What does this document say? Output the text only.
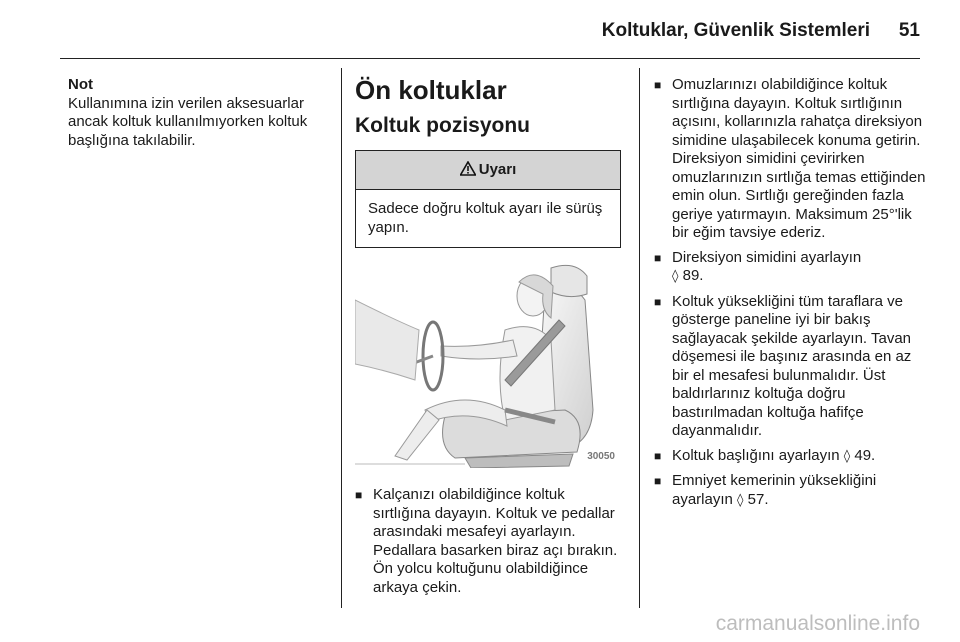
Koltuklar, Güvenlik Sistemleri 51
Not
Kullanımına izin verilen aksesuarlar ancak koltuk kullanılmıyorken koltuk başlığına takılabilir.
Ön koltuklar
Koltuk pozisyonu
Uyarı
Sadece doğru koltuk ayarı ile sürüş yapın.
30050
■ Kalçanızı olabildiğince koltuk sırtlığına dayayın. Koltuk ve pedallar arasındaki mesafeyi ayarlayın. Pedallara basarken biraz açı bırakın. Ön yolcu koltuğunu olabildiğince arkaya çekin.
■ Omuzlarınızı olabildiğince koltuk sırtlığına dayayın. Koltuk sırtlığının açısını, kollarınızla rahatça direksiyon simidine ulaşabilecek konuma getirin. Direksiyon simidini çevirirken omuzlarınızın sırtlığa temas ettiğinden emin olun. Sırtlığı gereğinden fazla geriye yatırmayın. Maksimum 25°'lik bir eğim tavsiye ederiz.
■ Direksiyon simidini ayarlayın
◊ 89.
■ Koltuk yüksekliğini tüm taraflara ve gösterge paneline iyi bir bakış sağlayacak şekilde ayarlayın. Tavan döşemesi ile başınız arasında en az bir el mesafesi bulunmalıdır. Üst baldırlarınız koltuğa doğru bastırılmadan koltuğa hafifçe dayanmalıdır.
■ Koltuk başlığını ayarlayın ◊ 49.
■ Emniyet kemerinin yüksekliğini ayarlayın ◊ 57.
carmanualsonline.info
